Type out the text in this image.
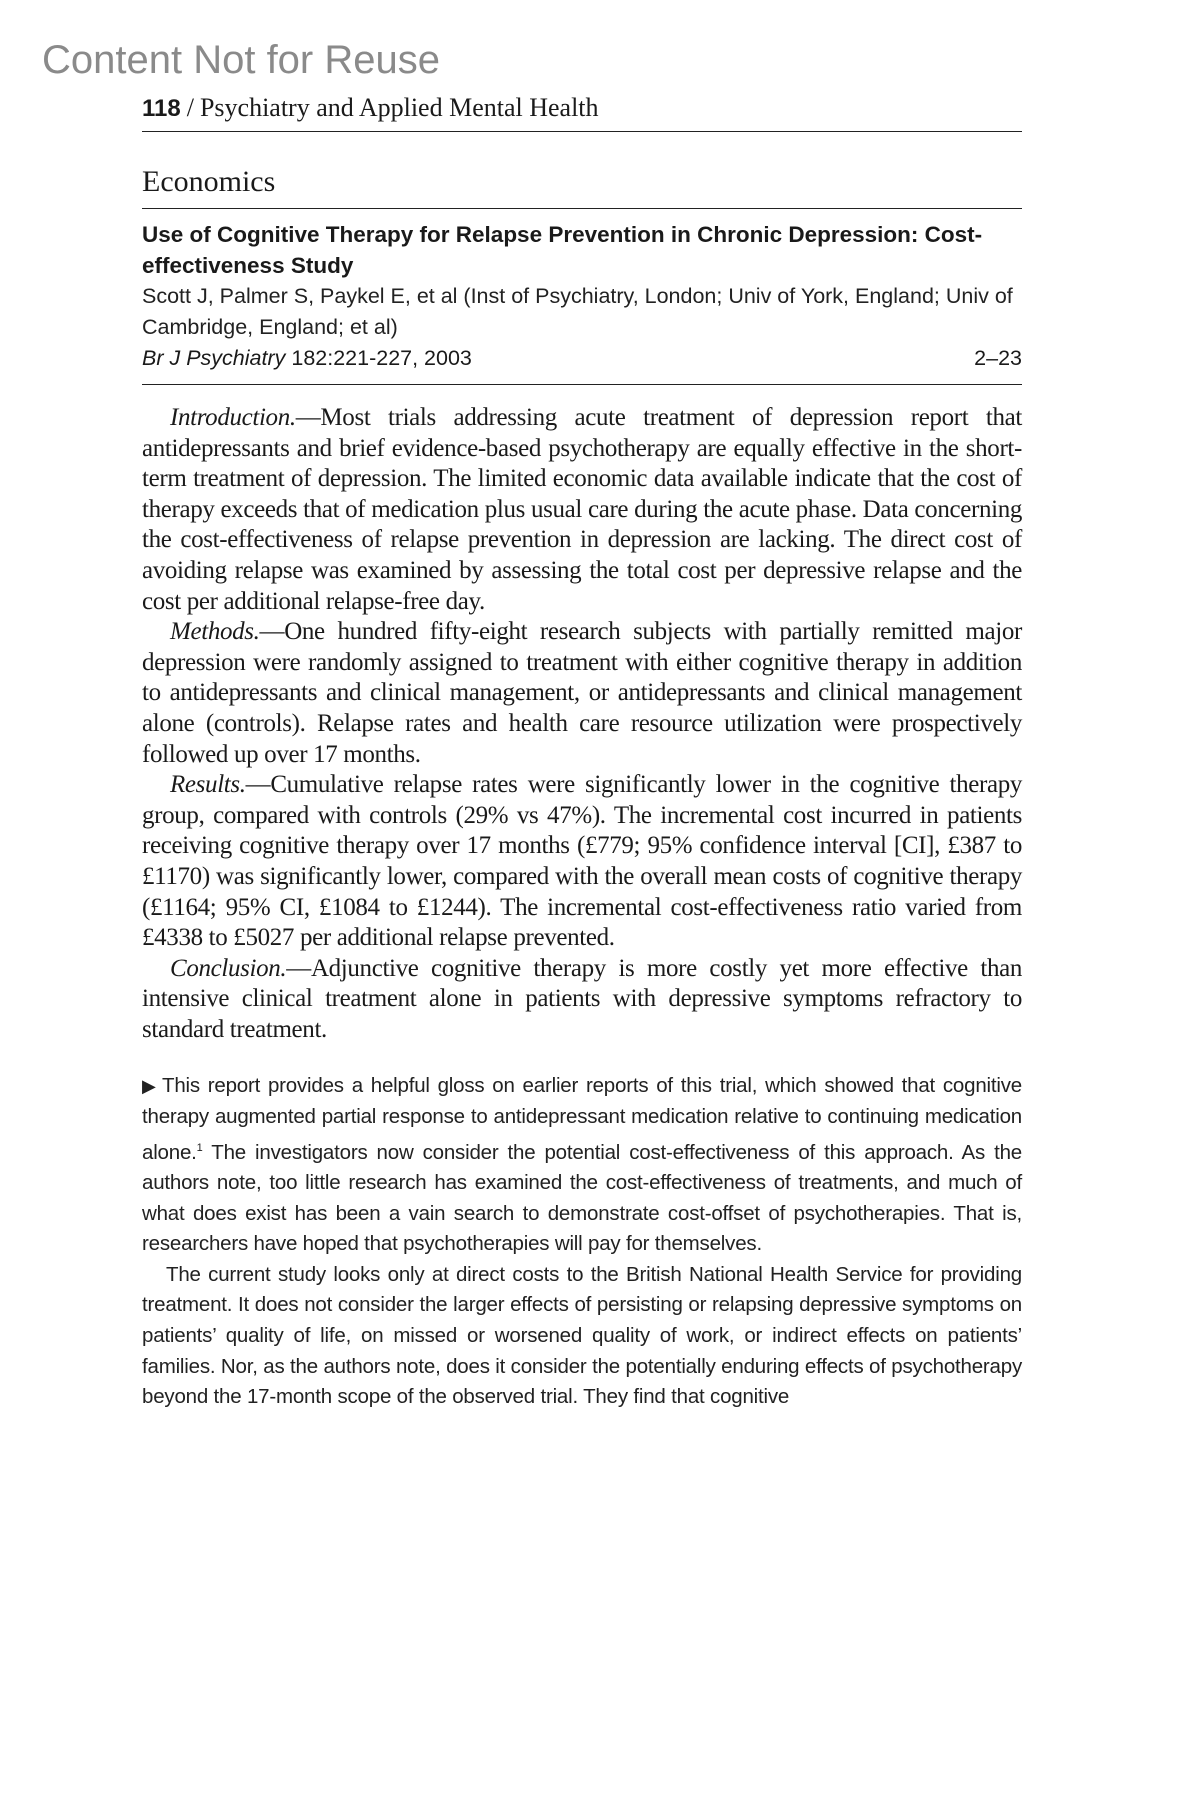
Content Not for Reuse
118 / Psychiatry and Applied Mental Health
Economics
Use of Cognitive Therapy for Relapse Prevention in Chronic Depression: Cost-effectiveness Study
Scott J, Palmer S, Paykel E, et al (Inst of Psychiatry, London; Univ of York, England; Univ of Cambridge, England; et al)
Br J Psychiatry 182:221-227, 2003	2–23

Introduction.—Most trials addressing acute treatment of depression report that antidepressants and brief evidence-based psychotherapy are equally effective in the short-term treatment of depression. The limited economic data available indicate that the cost of therapy exceeds that of medication plus usual care during the acute phase. Data concerning the cost-effectiveness of relapse prevention in depression are lacking. The direct cost of avoiding relapse was examined by assessing the total cost per depressive relapse and the cost per additional relapse-free day.

Methods.—One hundred fifty-eight research subjects with partially remitted major depression were randomly assigned to treatment with either cognitive therapy in addition to antidepressants and clinical management, or antidepressants and clinical management alone (controls). Relapse rates and health care resource utilization were prospectively followed up over 17 months.

Results.—Cumulative relapse rates were significantly lower in the cognitive therapy group, compared with controls (29% vs 47%). The incremental cost incurred in patients receiving cognitive therapy over 17 months (£779; 95% confidence interval [CI], £387 to £1170) was significantly lower, compared with the overall mean costs of cognitive therapy (£1164; 95% CI, £1084 to £1244). The incremental cost-effectiveness ratio varied from £4338 to £5027 per additional relapse prevented.

Conclusion.—Adjunctive cognitive therapy is more costly yet more effective than intensive clinical treatment alone in patients with depressive symptoms refractory to standard treatment.

▶ This report provides a helpful gloss on earlier reports of this trial, which showed that cognitive therapy augmented partial response to antidepressant medication relative to continuing medication alone.$^1$ The investigators now consider the potential cost-effectiveness of this approach. As the authors note, too little research has examined the cost-effectiveness of treatments, and much of what does exist has been a vain search to demonstrate cost-offset of psychotherapies. That is, researchers have hoped that psychotherapies will pay for themselves.

The current study looks only at direct costs to the British National Health Service for providing treatment. It does not consider the larger effects of persisting or relapsing depressive symptoms on patients’ quality of life, on missed or worsened quality of work, or indirect effects on patients’ families. Nor, as the authors note, does it consider the potentially enduring effects of psychotherapy beyond the 17-month scope of the observed trial. They find that cognitive
